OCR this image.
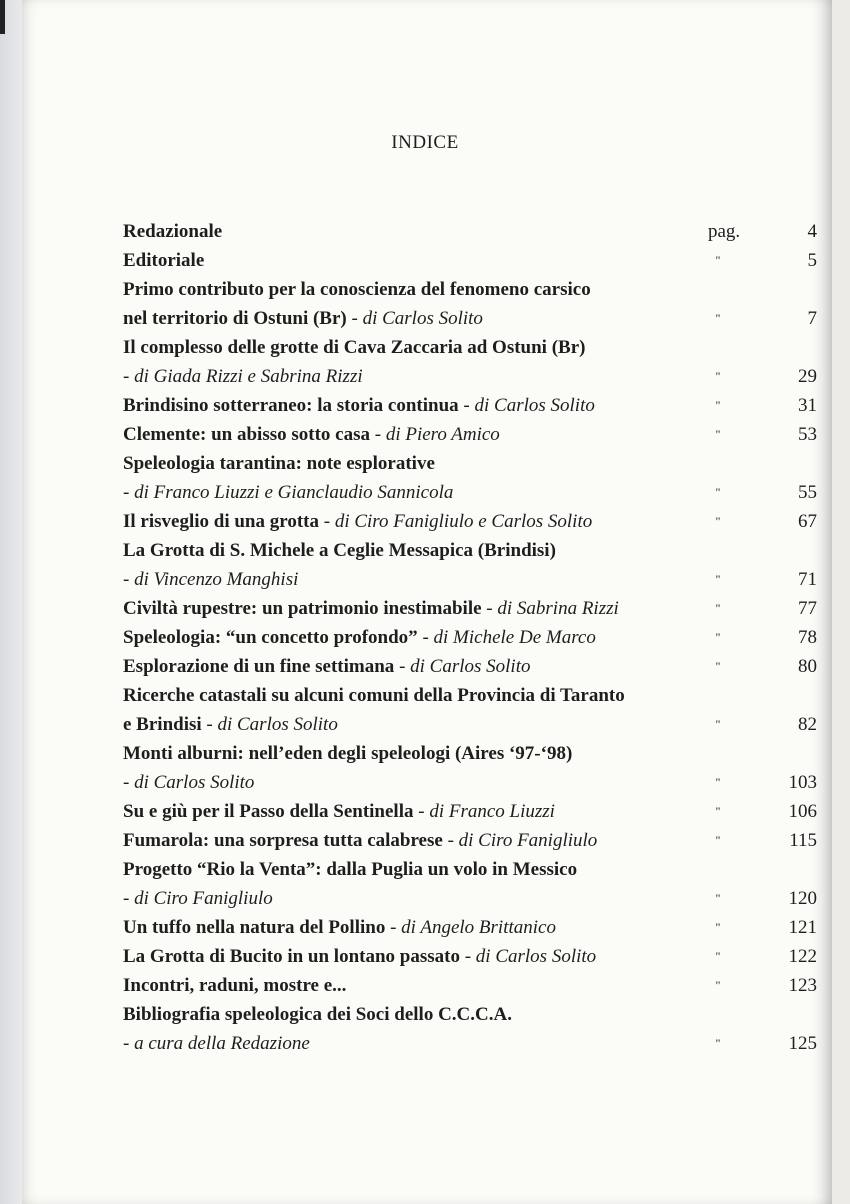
INDICE
Redazionale	pag.	4
Editoriale	"	5
Primo contributo per la conoscienza del fenomeno carsico
nel territorio di Ostuni (Br) - di Carlos Solito	"	7
Il complesso delle grotte di Cava Zaccaria ad Ostuni (Br)
- di Giada Rizzi e Sabrina Rizzi	"	29
Brindisino sotterraneo: la storia continua - di Carlos Solito	"	31
Clemente: un abisso sotto casa - di Piero Amico	"	53
Speleologia tarantina: note esplorative
- di Franco Liuzzi e Gianclaudio Sannicola	"	55
Il risveglio di una grotta - di Ciro Fanigliulo e Carlos Solito	"	67
La Grotta di S. Michele a Ceglie Messapica (Brindisi)
- di Vincenzo Manghisi	"	71
Civiltà rupestre: un patrimonio inestimabile - di Sabrina Rizzi	"	77
Speleologia: “un concetto profondo” - di Michele De Marco	"	78
Esplorazione di un fine settimana - di Carlos Solito	"	80
Ricerche catastali su alcuni comuni della Provincia di Taranto
e Brindisi - di Carlos Solito	"	82
Monti alburni: nell’eden degli speleologi (Aires ‘97-‘98)
- di Carlos Solito	"	103
Su e giù per il Passo della Sentinella - di Franco Liuzzi	"	106
Fumarola: una sorpresa tutta calabrese - di Ciro Fanigliulo	"	115
Progetto “Rio la Venta”: dalla Puglia un volo in Messico
- di Ciro Fanigliulo	"	120
Un tuffo nella natura del Pollino - di Angelo Brittanico	"	121
La Grotta di Bucito in un lontano passato - di Carlos Solito	"	122
Incontri, raduni, mostre e...	"	123
Bibliografia speleologica dei Soci dello C.C.C.A.
- a cura della Redazione	"	125
